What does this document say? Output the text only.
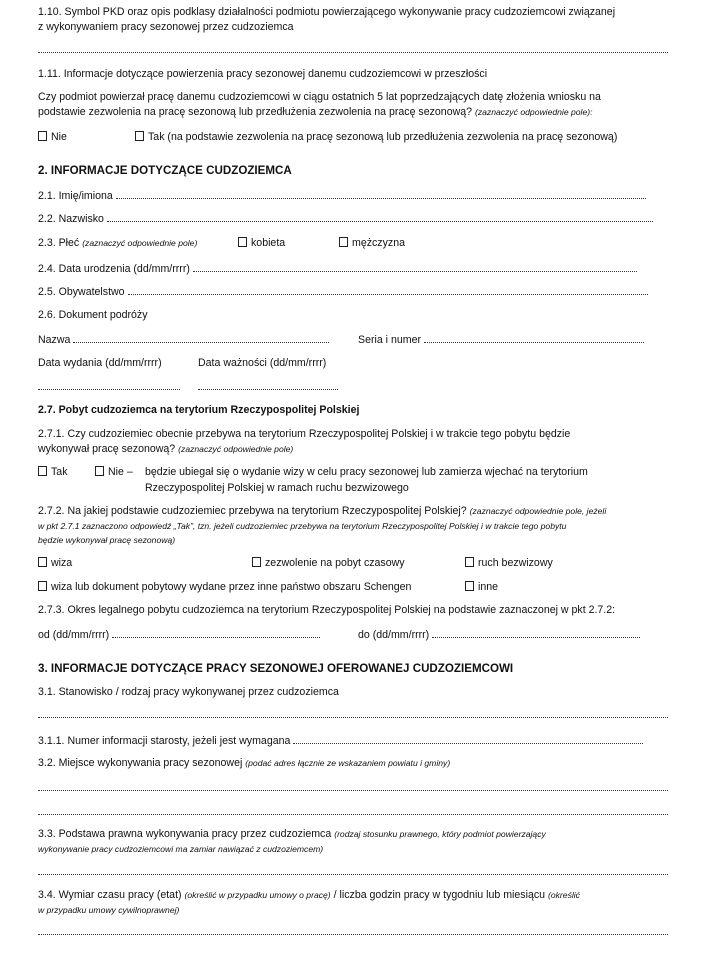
1.10. Symbol PKD oraz opis podklasy działalności podmiotu powierzającego wykonywanie pracy cudzoziemcowi związanej
z wykonywaniem pracy sezonowej przez cudzoziemca
1.11. Informacje dotyczące powierzenia pracy sezonowej danemu cudzoziemcowi w przeszłości
Czy podmiot powierzał pracę danemu cudzoziemcowi w ciągu ostatnich 5 lat poprzedzających datę złożenia wniosku na
podstawie zezwolenia na pracę sezonową lub przedłużenia zezwolenia na pracę sezonową? (zaznaczyć odpowiednie pole):
Nie	Tak (na podstawie zezwolenia na pracę sezonową lub przedłużenia zezwolenia na pracę sezonową)
2. INFORMACJE DOTYCZĄCE CUDZOZIEMCA
2.1. Imię/imiona
2.2. Nazwisko
2.3. Płeć (zaznaczyć odpowiednie pole)	kobieta	mężczyzna
2.4. Data urodzenia (dd/mm/rrrr)
2.5. Obywatelstwo
2.6. Dokument podróży
Nazwa	Seria i numer
Data wydania (dd/mm/rrrr)	Data ważności (dd/mm/rrrr)
2.7. Pobyt cudzoziemca na terytorium Rzeczypospolitej Polskiej
2.7.1. Czy cudzoziemiec obecnie przebywa na terytorium Rzeczypospolitej Polskiej i w trakcie tego pobytu będzie
wykonywał pracę sezonową? (zaznaczyć odpowiednie pole)
Tak	Nie – będzie ubiegał się o wydanie wizy w celu pracy sezonowej lub zamierza wjechać na terytorium
Rzeczypospolitej Polskiej w ramach ruchu bezwizowego
2.7.2. Na jakiej podstawie cudzoziemiec przebywa na terytorium Rzeczypospolitej Polskiej? (zaznaczyć odpowiednie pole, jeżeli
w pkt 2.7.1 zaznaczono odpowiedź „Tak”, tzn. jeżeli cudzoziemiec przebywa na terytorium Rzeczypospolitej Polskiej i w trakcie tego pobytu
będzie wykonywał pracę sezonową)
wiza	zezwolenie na pobyt czasowy	ruch bezwizowy
wiza lub dokument pobytowy wydane przez inne państwo obszaru Schengen	inne
2.7.3. Okres legalnego pobytu cudzoziemca na terytorium Rzeczypospolitej Polskiej na podstawie zaznaczonej w pkt 2.7.2:
od (dd/mm/rrrr)	do (dd/mm/rrrr)
3. INFORMACJE DOTYCZĄCE PRACY SEZONOWEJ OFEROWANEJ CUDZOZIEMCOWI
3.1. Stanowisko / rodzaj pracy wykonywanej przez cudzoziemca
3.1.1. Numer informacji starosty, jeżeli jest wymagana
3.2. Miejsce wykonywania pracy sezonowej (podać adres łącznie ze wskazaniem powiatu i gminy)
3.3. Podstawa prawna wykonywania pracy przez cudzoziemca (rodzaj stosunku prawnego, który podmiot powierzający
wykonywanie pracy cudzoziemcowi ma zamiar nawiązać z cudzoziemcem)
3.4. Wymiar czasu pracy (etat) (określić w przypadku umowy o pracę) / liczba godzin pracy w tygodniu lub miesiącu (określić
w przypadku umowy cywilnoprawnej)
